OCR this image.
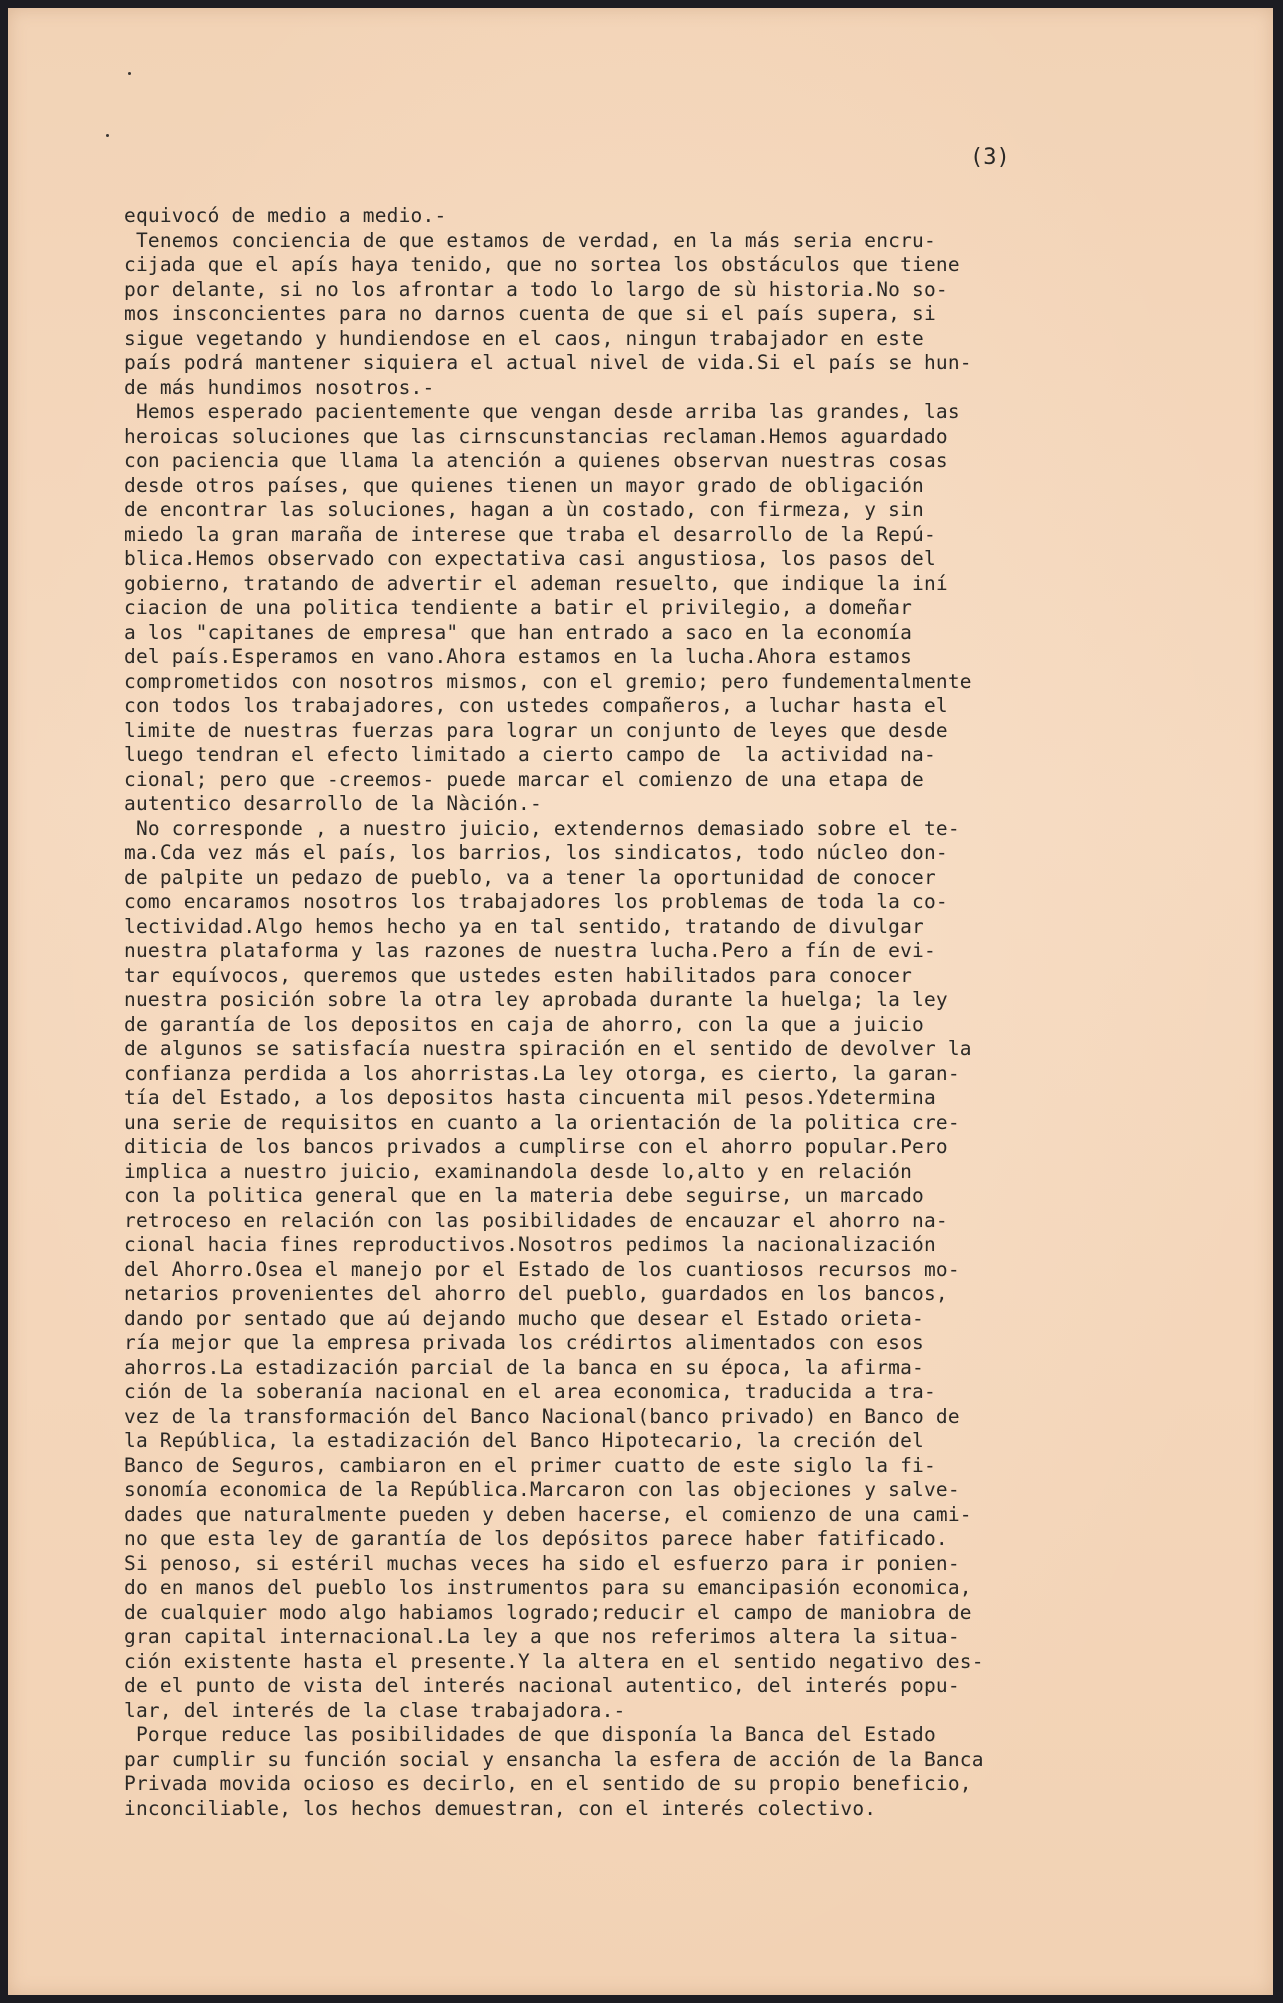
(3)
equivocó de medio a medio.-
Tenemos conciencia de que estamos de verdad, en la más seria encru-
cijada que el apís haya tenido, que no sortea los obstáculos que tiene
por delante, si no los afrontar a todo lo largo de sù historia.No so-
mos insconcientes para no darnos cuenta de que si el país supera, si
sigue vegetando y hundiendose en el caos, ningun trabajador en este
país podrá mantener siquiera el actual nivel de vida.Si el país se hun-
de más hundimos nosotros.-
Hemos esperado pacientemente que vengan desde arriba las grandes, las
heroicas soluciones que las cirnscunstancias reclaman.Hemos aguardado
con paciencia que llama la atención a quienes observan nuestras cosas
desde otros países, que quienes tienen un mayor grado de obligación
de encontrar las soluciones, hagan a ùn costado, con firmeza, y sin
miedo la gran maraña de interese que traba el desarrollo de la Repú-
blica.Hemos observado con expectativa casi angustiosa, los pasos del
gobierno, tratando de advertir el ademan resuelto, que indique la iní
ciacion de una politica tendiente a batir el privilegio, a domeñar
a los "capitanes de empresa" que han entrado a saco en la economía
del país.Esperamos en vano.Ahora estamos en la lucha.Ahora estamos
comprometidos con nosotros mismos, con el gremio; pero fundementalmente
con todos los trabajadores, con ustedes compañeros, a luchar hasta el
limite de nuestras fuerzas para lograr un conjunto de leyes que desde
luego tendran el efecto limitado a cierto campo de  la actividad na-
cional; pero que -creemos- puede marcar el comienzo de una etapa de
autentico desarrollo de la Nàción.-
No corresponde , a nuestro juicio, extendernos demasiado sobre el te-
ma.Cda vez más el país, los barrios, los sindicatos, todo núcleo don-
de palpite un pedazo de pueblo, va a tener la oportunidad de conocer
como encaramos nosotros los trabajadores los problemas de toda la co-
lectividad.Algo hemos hecho ya en tal sentido, tratando de divulgar
nuestra plataforma y las razones de nuestra lucha.Pero a fín de evi-
tar equívocos, queremos que ustedes esten habilitados para conocer
nuestra posición sobre la otra ley aprobada durante la huelga; la ley
de garantía de los depositos en caja de ahorro, con la que a juicio
de algunos se satisfacía nuestra spiración en el sentido de devolver la
confianza perdida a los ahorristas.La ley otorga, es cierto, la garan-
tía del Estado, a los depositos hasta cincuenta mil pesos.Ydetermina
una serie de requisitos en cuanto a la orientación de la politica cre-
diticia de los bancos privados a cumplirse con el ahorro popular.Pero
implica a nuestro juicio, examinandola desde lo,alto y en relación
con la politica general que en la materia debe seguirse, un marcado
retroceso en relación con las posibilidades de encauzar el ahorro na-
cional hacia fines reproductivos.Nosotros pedimos la nacionalización
del Ahorro.Osea el manejo por el Estado de los cuantiosos recursos mo-
netarios provenientes del ahorro del pueblo, guardados en los bancos,
dando por sentado que aú dejando mucho que desear el Estado orieta-
ría mejor que la empresa privada los crédirtos alimentados con esos
ahorros.La estadización parcial de la banca en su época, la afirma-
ción de la soberanía nacional en el area economica, traducida a tra-
vez de la transformación del Banco Nacional(banco privado) en Banco de
la República, la estadización del Banco Hipotecario, la creción del
Banco de Seguros, cambiaron en el primer cuatto de este siglo la fi-
sonomía economica de la República.Marcaron con las objeciones y salve-
dades que naturalmente pueden y deben hacerse, el comienzo de una cami-
no que esta ley de garantía de los depósitos parece haber fatificado.
Si penoso, si estéril muchas veces ha sido el esfuerzo para ir ponien-
do en manos del pueblo los instrumentos para su emancipasión economica,
de cualquier modo algo habiamos logrado;reducir el campo de maniobra de
gran capital internacional.La ley a que nos referimos altera la situa-
ción existente hasta el presente.Y la altera en el sentido negativo des-
de el punto de vista del interés nacional autentico, del interés popu-
lar, del interés de la clase trabajadora.-
Porque reduce las posibilidades de que disponía la Banca del Estado
par cumplir su función social y ensancha la esfera de acción de la Banca
Privada movida ocioso es decirlo, en el sentido de su propio beneficio,
inconciliable, los hechos demuestran, con el interés colectivo.
